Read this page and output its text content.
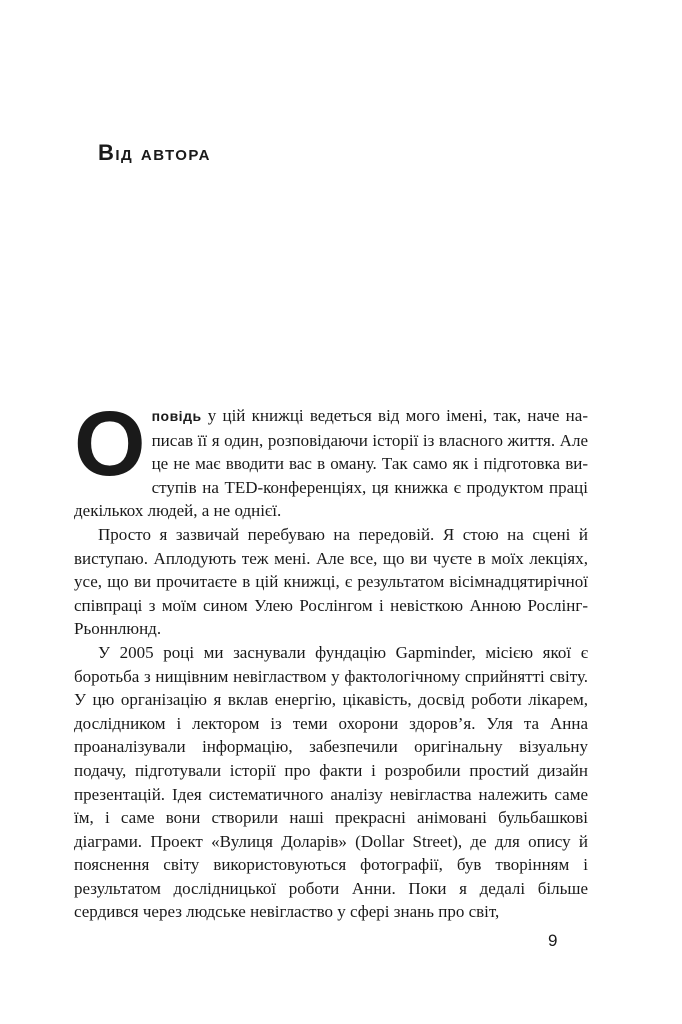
Від автора

Оповідь у цій книжці ведеться від мого імені, так, наче написав її я один, розповідаючи історії із власного життя. Але це не має вводити вас в оману. Так само як і підготовка виступів на TED-конференціях, ця книжка є продуктом праці декількох людей, а не однієї.

Просто я зазвичай перебуваю на передовій. Я стою на сцені й виступаю. Аплодують теж мені. Але все, що ви чуєте в моїх лекціях, усе, що ви прочитаєте в цій книжці, є результатом вісімнадцятирічної співпраці з моїм сином Улею Рослінгом і невісткою Анною Рослінг-Рьоннлюнд.

У 2005 році ми заснували фундацію Gapminder, місією якої є боротьба з нищівним невіглаством у фактологічному сприйнятті світу. У цю організацію я вклав енергію, цікавість, досвід роботи лікарем, дослідником і лектором із теми охорони здоров’я. Уля та Анна проаналізували інформацію, забезпечили оригінальну візуальну подачу, підготували історії про факти і розробили простий дизайн презентацій. Ідея систематичного аналізу невігластва належить саме їм, і саме вони створили наші прекрасні анімовані бульбашкові діаграми. Проект «Вулиця Доларів» (Dollar Street), де для опису й пояснення світу використовуються фотографії, був творінням і результатом дослідницької роботи Анни. Поки я дедалі більше сердився через людське невігластво у сфері знань про світ,

9
